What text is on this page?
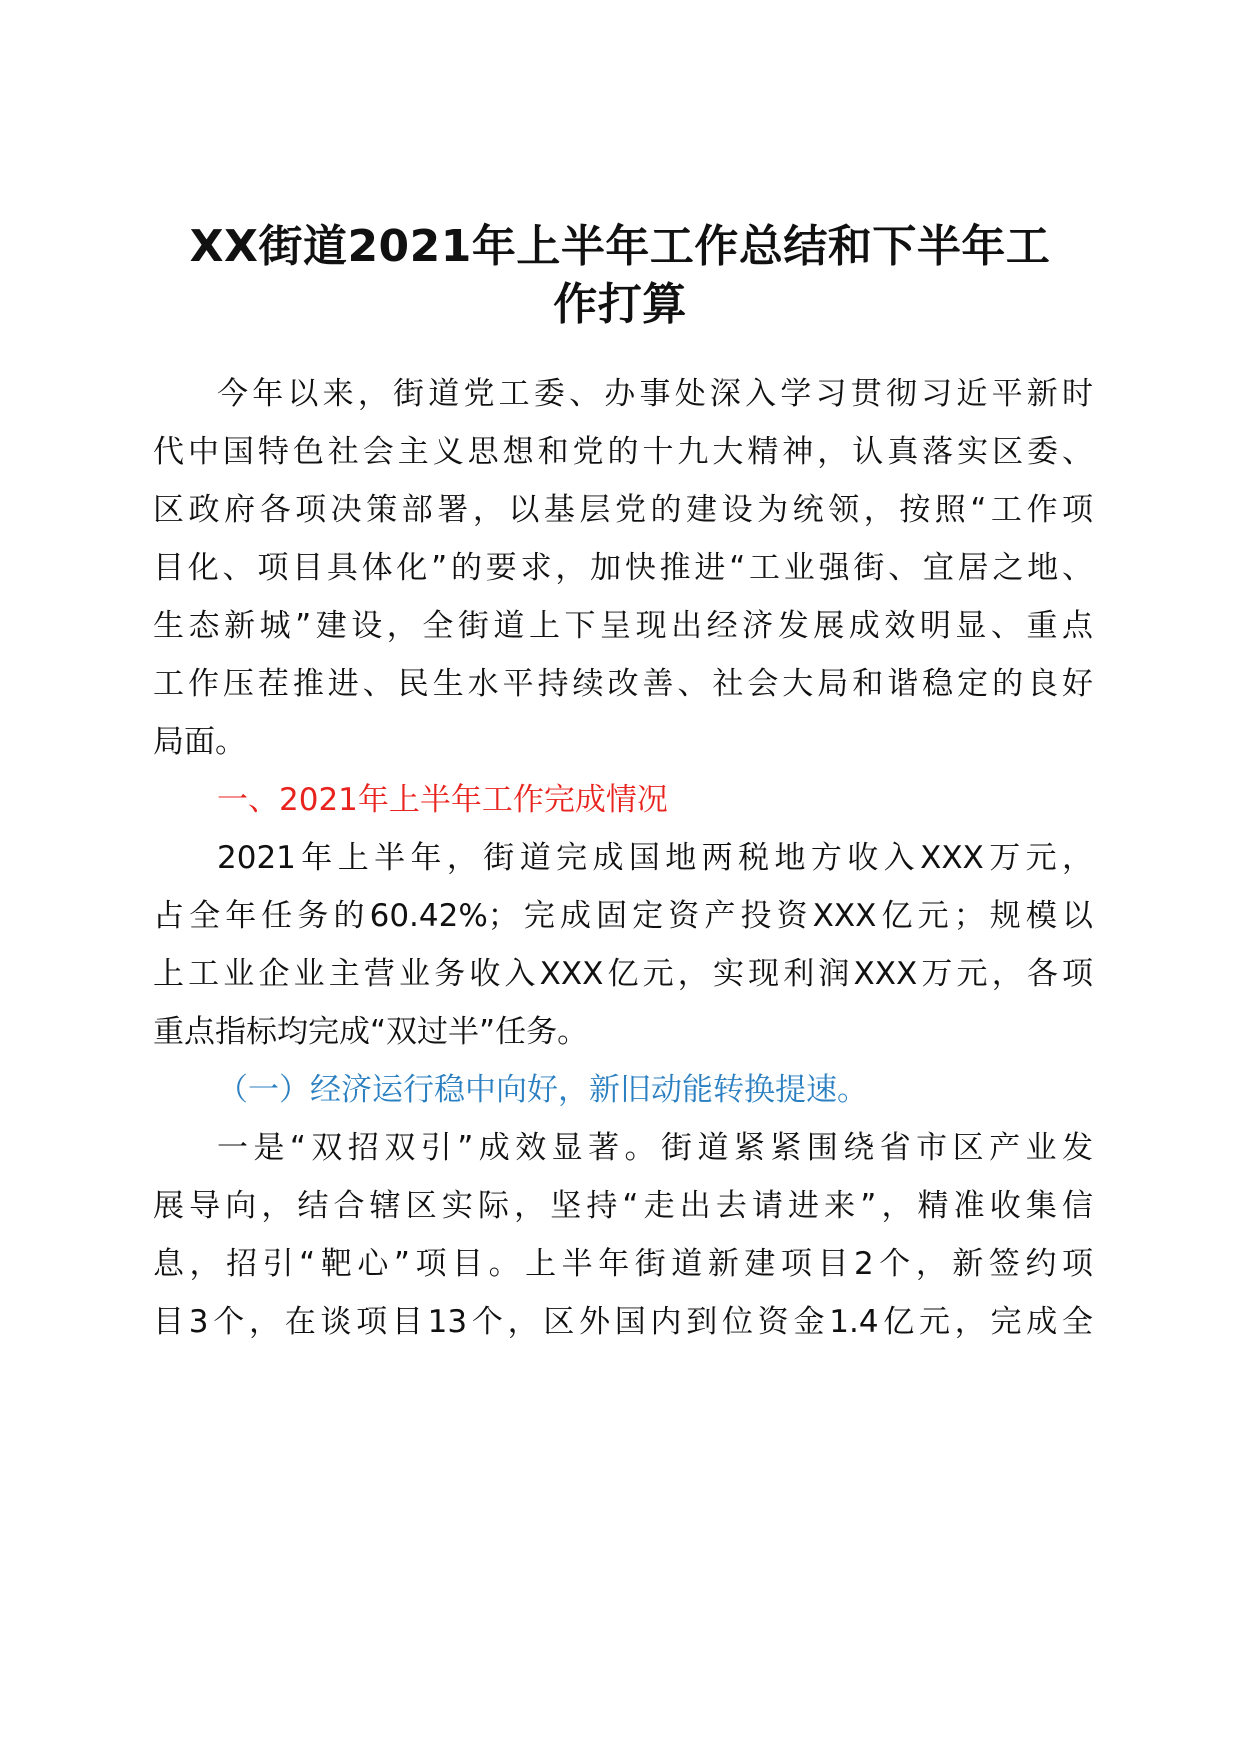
XX街道2021年上半年工作总结和下半年工
作打算
今年以来，街道党工委、办事处深入学习贯彻习近平新时
代中国特色社会主义思想和党的十九大精神，认真落实区委、
区政府各项决策部署，以基层党的建设为统领，按照“工作项
目化、项目具体化”的要求，加快推进“工业强街、宜居之地、
生态新城”建设，全街道上下呈现出经济发展成效明显、重点
工作压茬推进、民生水平持续改善、社会大局和谐稳定的良好
局面。
一、2021年上半年工作完成情况
2021年上半年，街道完成国地两税地方收入XXX万元，
占全年任务的60.42%；完成固定资产投资XXX亿元；规模以
上工业企业主营业务收入XXX亿元，实现利润XXX万元，各项
重点指标均完成“双过半”任务。
（一）经济运行稳中向好，新旧动能转换提速。
一是“双招双引”成效显著。街道紧紧围绕省市区产业发
展导向，结合辖区实际，坚持“走出去请进来”，精准收集信
息，招引“靶心”项目。上半年街道新建项目2个，新签约项
目3个，在谈项目13个，区外国内到位资金1.4亿元，完成全
